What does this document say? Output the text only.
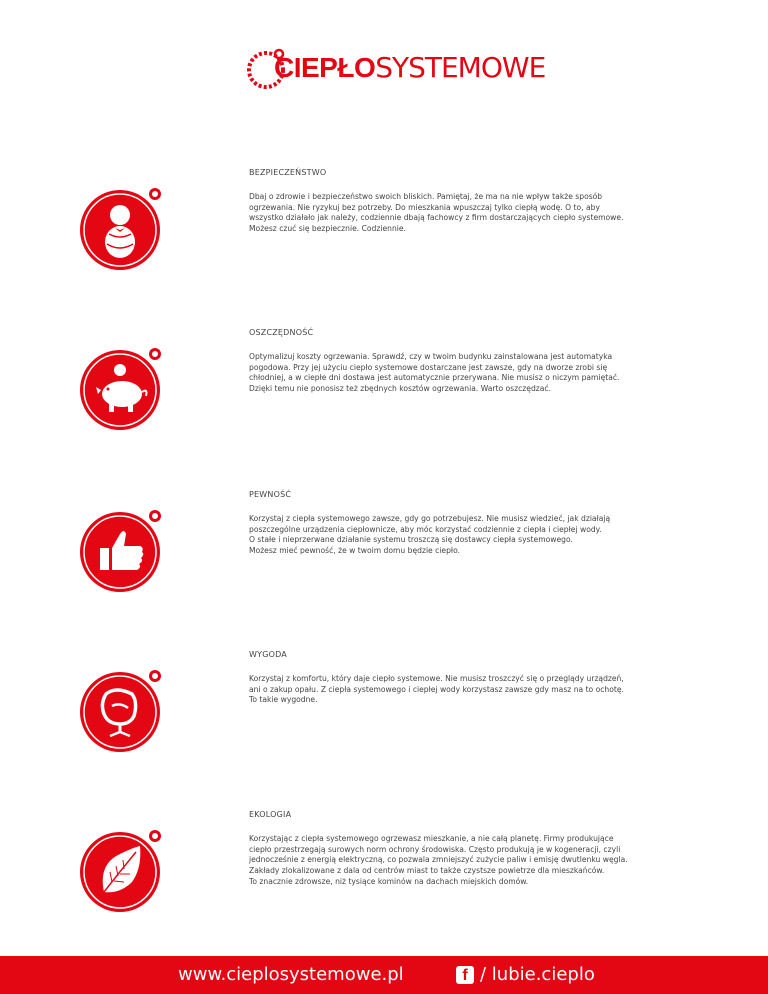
CIEPŁOSYSTEMOWE
BEZPIECZEŃSTWO

Dbaj o zdrowie i bezpieczeństwo swoich bliskich. Pamiętaj, że ma na nie wpływ także sposób

ogrzewania. Nie ryzykuj bez potrzeby. Do mieszkania wpuszczaj tylko ciepłą wodę. O to, aby

wszystko działało jak należy, codziennie dbają fachowcy z firm dostarczających ciepło systemowe.

Możesz czuć się bezpiecznie. Codziennie.

OSZCZĘDNOŚĆ

Optymalizuj koszty ogrzewania. Sprawdź, czy w twoim budynku zainstalowana jest automatyka

pogodowa. Przy jej użyciu ciepło systemowe dostarczane jest zawsze, gdy na dworze zrobi się

chłodniej, a w ciepłe dni dostawa jest automatycznie przerywana. Nie musisz o niczym pamiętać.

Dzięki temu nie ponosisz też zbędnych kosztów ogrzewania. Warto oszczędzać.

PEWNOŚĆ

Korzystaj z ciepła systemowego zawsze, gdy go potrzebujesz. Nie musisz wiedzieć, jak działają

poszczególne urządzenia ciepłownicze, aby móc korzystać codziennie z ciepła i ciepłej wody.

O stałe i nieprzerwane działanie systemu troszczą się dostawcy ciepła systemowego.

Możesz mieć pewność, że w twoim domu będzie ciepło.

WYGODA

Korzystaj z komfortu, który daje ciepło systemowe. Nie musisz troszczyć się o przeglądy urządzeń,

ani o zakup opału. Z ciepła systemowego i ciepłej wody korzystasz zawsze gdy masz na to ochotę.

To takie wygodne.

EKOLOGIA

Korzystając z ciepła systemowego ogrzewasz mieszkanie, a nie całą planetę. Firmy produkujące

ciepło przestrzegają surowych norm ochrony środowiska. Często produkują je w kogeneracji, czyli

jednocześnie z energią elektryczną, co pozwala zmniejszyć zużycie paliw i emisję dwutlenku węgla.

Zakłady zlokalizowane z dala od centrów miast to także czystsze powietrze dla mieszkańców.

To znacznie zdrowsze, niż tysiące kominów na dachach miejskich domów.

www.cieplosystemowe.pl	f / lubie.cieplo
